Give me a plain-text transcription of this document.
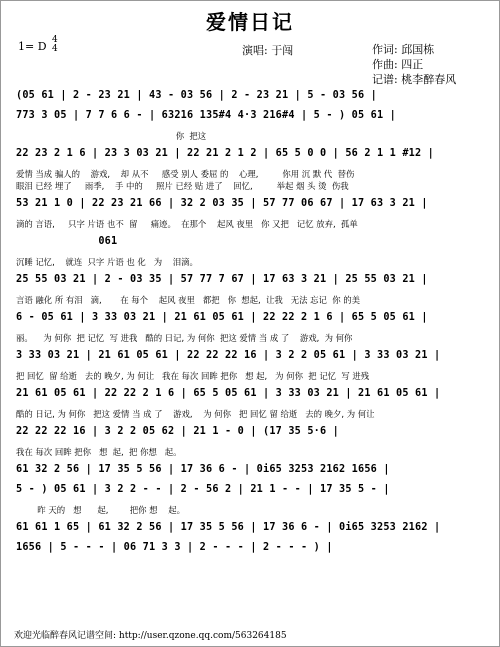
爱情日记
1= D 4
4	演唱: 于闯	作词: 邱国栋
作曲: 四正
记谱: 桃李醉春风
(05 61 | 2 - 23 21 | 43 - 03 56 | 2 - 23 21 | 5 - 03 56 |
773 3 05 | 7 7 6 6 - | 63216 135#4 4·3 216#4 | 5 - ) 05 61 |
你  把这
22 23 2 1 6 | 23 3 03 21 | 22 21 2 1 2 | 65 5 0 0 | 56 2 1 1 #12 |
爱情 当成 骗人的    游戏,    却 从不     感受 别人 委屈 的    心理,         你用 沉 默 代  替伤
眼泪 已经 埋了     雨季,    手 中的     照片 已经 贴 进了    回忆,         举起 烟 头 烫  伤我
53 21 1 0 | 22 23 21 66 | 32 2 03 35 | 57 77 06 67 | 17 63 3 21 |
滴的 言语,     只字 片语 也不  留     痛迹。  在那个    起风 夜里   你 又把   记忆 放弃,  孤单
061
沉睡 记忆,    就连  只字 片语 也 化   为    泪滴。
25 55 03 21 | 2 - 03 35 | 57 77 7 67 | 17 63 3 21 | 25 55 03 21 |
言语 融化 所 有泪   滴,       在 每个    起风 夜里   都把   你  想起,  让我   无法 忘记  你 的美
6 - 05 61 | 3 33 03 21 | 21 61 05 61 | 22 22 2 1 6 | 65 5 05 61 |
丽。    为 何你  把 记忆  写 进我   酷的 日记, 为 何你  把这 爱情 当 成 了    游戏,  为 何你
3 33 03 21 | 21 61 05 61 | 22 22 22 16 | 3 2 2 05 61 | 3 33 03 21 |
把 回忆  留 给逝   去的 晚夕, 为 何让   我在 每次 回眸 把你   想 起,   为 何你  把 记忆  写 进残
21 61 05 61 | 22 22 2 1 6 | 65 5 05 61 | 3 33 03 21 | 21 61 05 61 |
酷的 日记, 为 何你   把这 爱情 当 成 了    游戏,    为 何你   把 回忆 留 给逝   去的 晚夕, 为 何让
22 22 22 16 | 3 2 2 05 62 | 21 1 - 0 | (17 35 5·6 |
我在 每次 回眸 把你   想  起,  把 你想   起。
61 32 2 56 | 17 35 5 56 | 17 36 6 - | 0i65 3253 2162 1656 |
5 - ) 05 61 | 3 2 2 - - | 2 - 56 2 | 21 1 - - | 17 35 5 - |
昨 天的   想      起,        把你 想    起。
61 61 1 65 | 61 32 2 56 | 17 35 5 56 | 17 36 6 - | 0i65 3253 2162 |
1656 | 5 - - - | 06 71 3 3 | 2 - - - | 2 - - - ) |
欢迎光临醉春风记谱空间: http://user.qzone.qq.com/563264185
